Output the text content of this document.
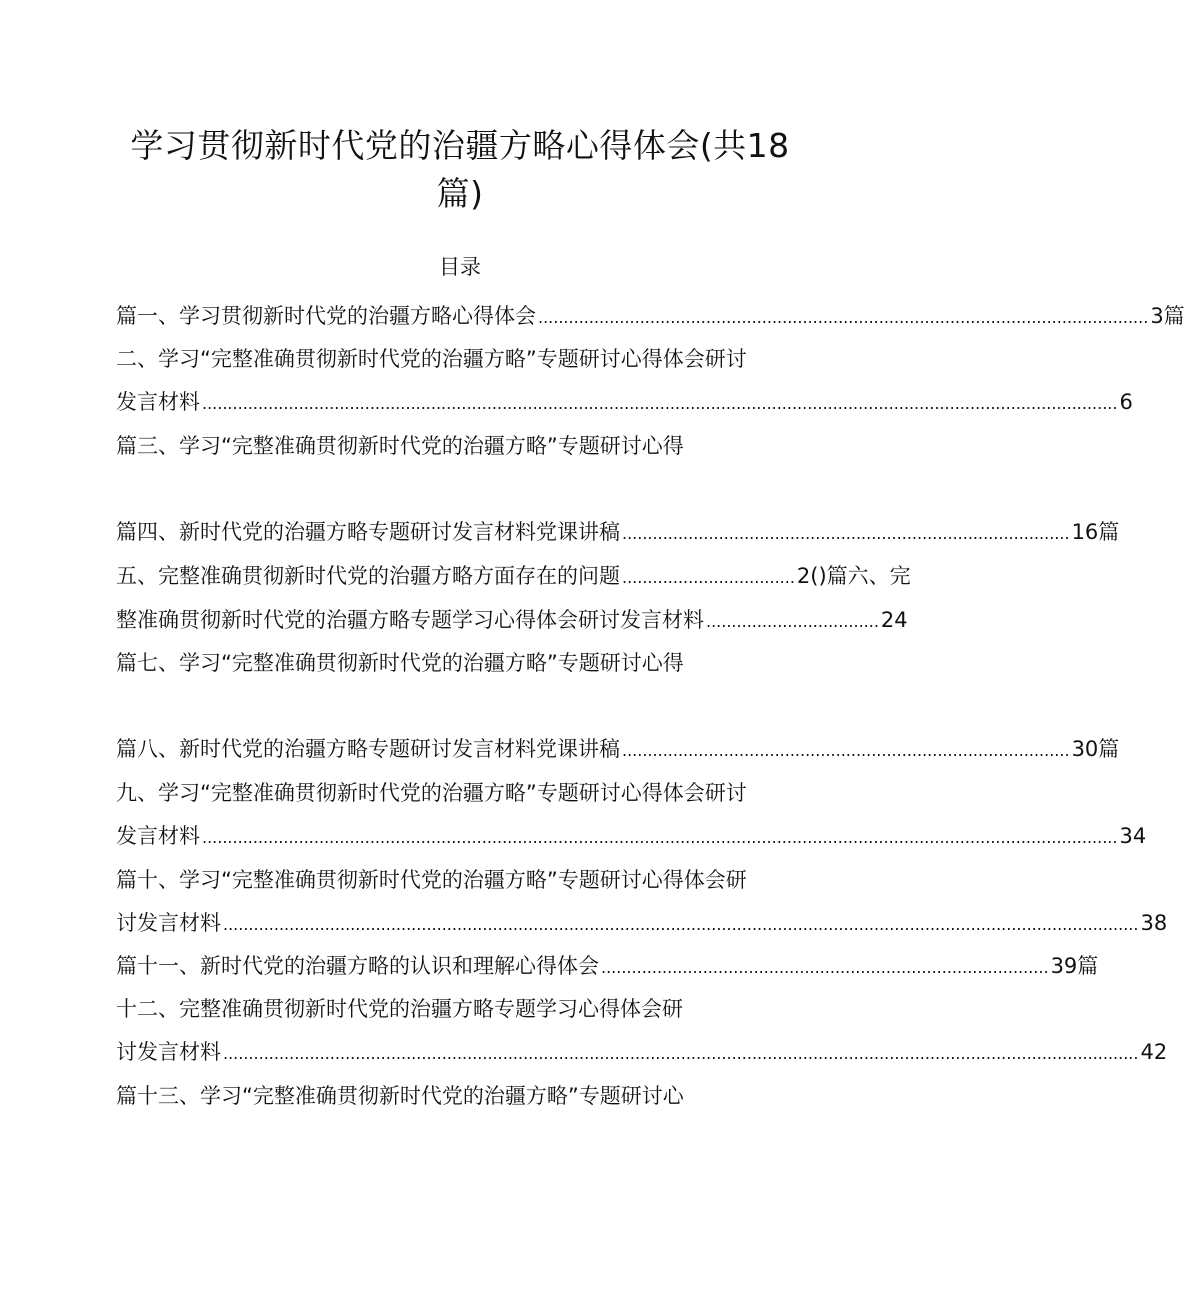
学习贯彻新时代党的治疆方略心得体会(共18
篇)
目录
篇一、学习贯彻新时代党的治疆方略心得体会 ........................................................................................................................ 3篇
二、学习“完整准确贯彻新时代党的治疆方略”专题研讨心得体会研讨
发言材料 .................................................................................................................................................................................... 6
篇三、学习“完整准确贯彻新时代党的治疆方略”专题研讨心得
篇四、新时代党的治疆方略专题研讨发言材料党课讲稿 ........................................................................................ 16篇
五、完整准确贯彻新时代党的治疆方略方面存在的问题 .................................. 2()篇六、完
整准确贯彻新时代党的治疆方略专题学习心得体会研讨发言材料 .................................. 24
篇七、学习“完整准确贯彻新时代党的治疆方略”专题研讨心得
篇八、新时代党的治疆方略专题研讨发言材料党课讲稿 ........................................................................................ 30篇
九、学习“完整准确贯彻新时代党的治疆方略”专题研讨心得体会研讨
发言材料 .................................................................................................................................................................................... 34
篇十、学习“完整准确贯彻新时代党的治疆方略”专题研讨心得体会研
讨发言材料 .................................................................................................................................................................................... 38
篇十一、新时代党的治疆方略的认识和理解心得体会 ........................................................................................ 39篇
十二、完整准确贯彻新时代党的治疆方略专题学习心得体会研
讨发言材料 .................................................................................................................................................................................... 42
篇十三、学习“完整准确贯彻新时代党的治疆方略”专题研讨心
